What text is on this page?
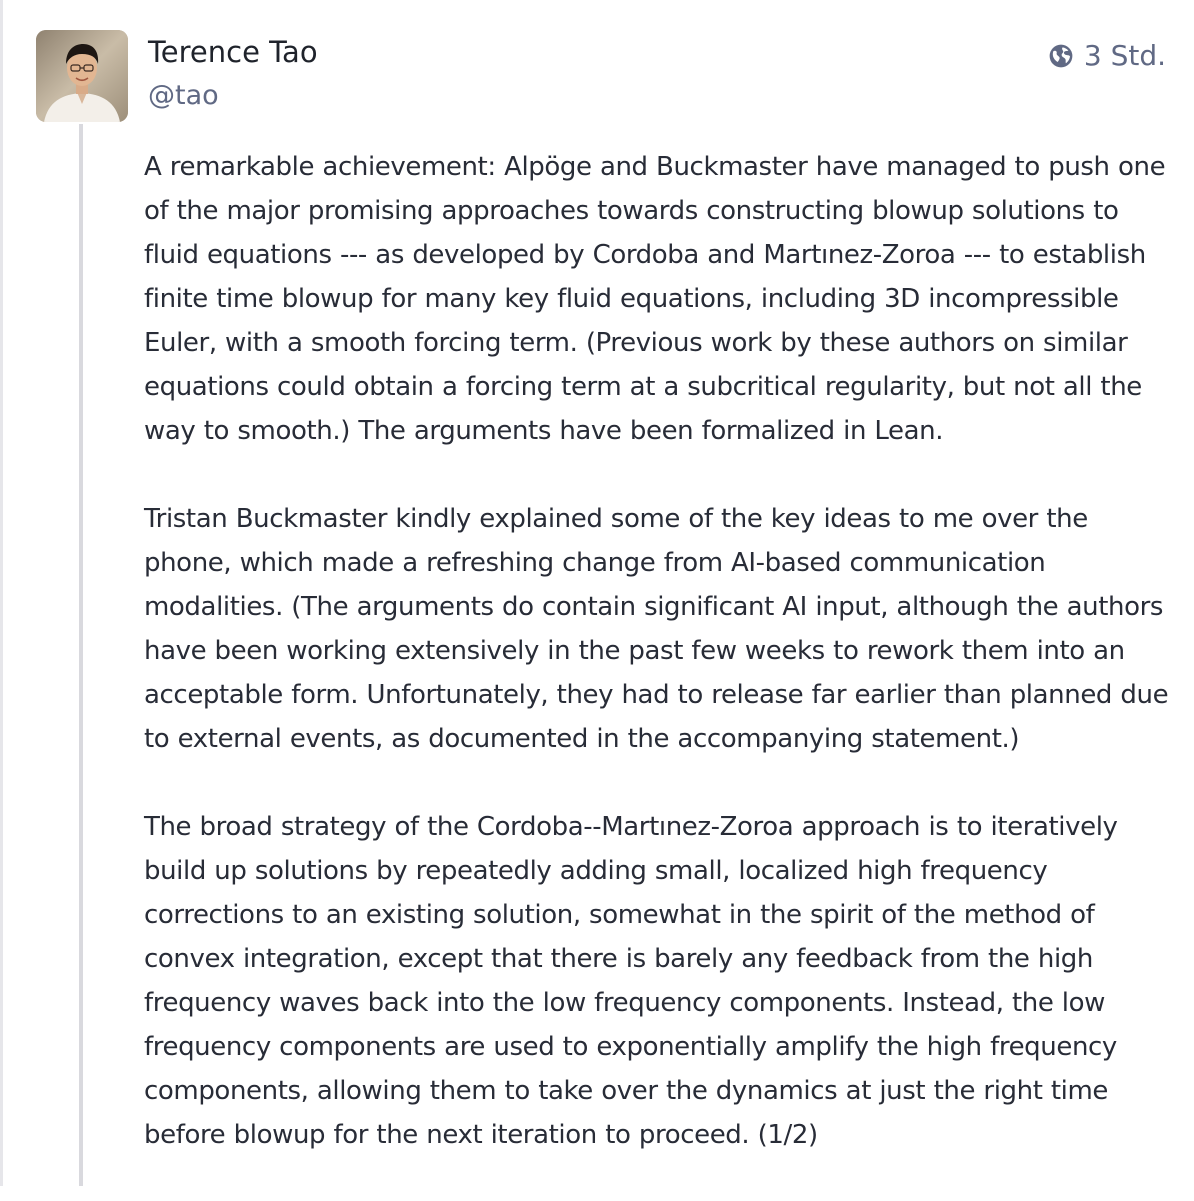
Terence Tao
@tao
3 Std.

A remarkable achievement: Alpöge and Buckmaster have managed to push one of the major promising approaches towards constructing blowup solutions to fluid equations --- as developed by Cordoba and Martınez-Zoroa --- to establish finite time blowup for many key fluid equations, including 3D incompressible Euler, with a smooth forcing term. (Previous work by these authors on similar equations could obtain a forcing term at a subcritical regularity, but not all the way to smooth.) The arguments have been formalized in Lean.

Tristan Buckmaster kindly explained some of the key ideas to me over the phone, which made a refreshing change from AI-based communication modalities. (The arguments do contain significant AI input, although the authors have been working extensively in the past few weeks to rework them into an acceptable form. Unfortunately, they had to release far earlier than planned due to external events, as documented in the accompanying statement.)

The broad strategy of the Cordoba--Martınez-Zoroa approach is to iteratively build up solutions by repeatedly adding small, localized high frequency corrections to an existing solution, somewhat in the spirit of the method of convex integration, except that there is barely any feedback from the high frequency waves back into the low frequency components. Instead, the low frequency components are used to exponentially amplify the high frequency components, allowing them to take over the dynamics at just the right time before blowup for the next iteration to proceed. (1/2)
